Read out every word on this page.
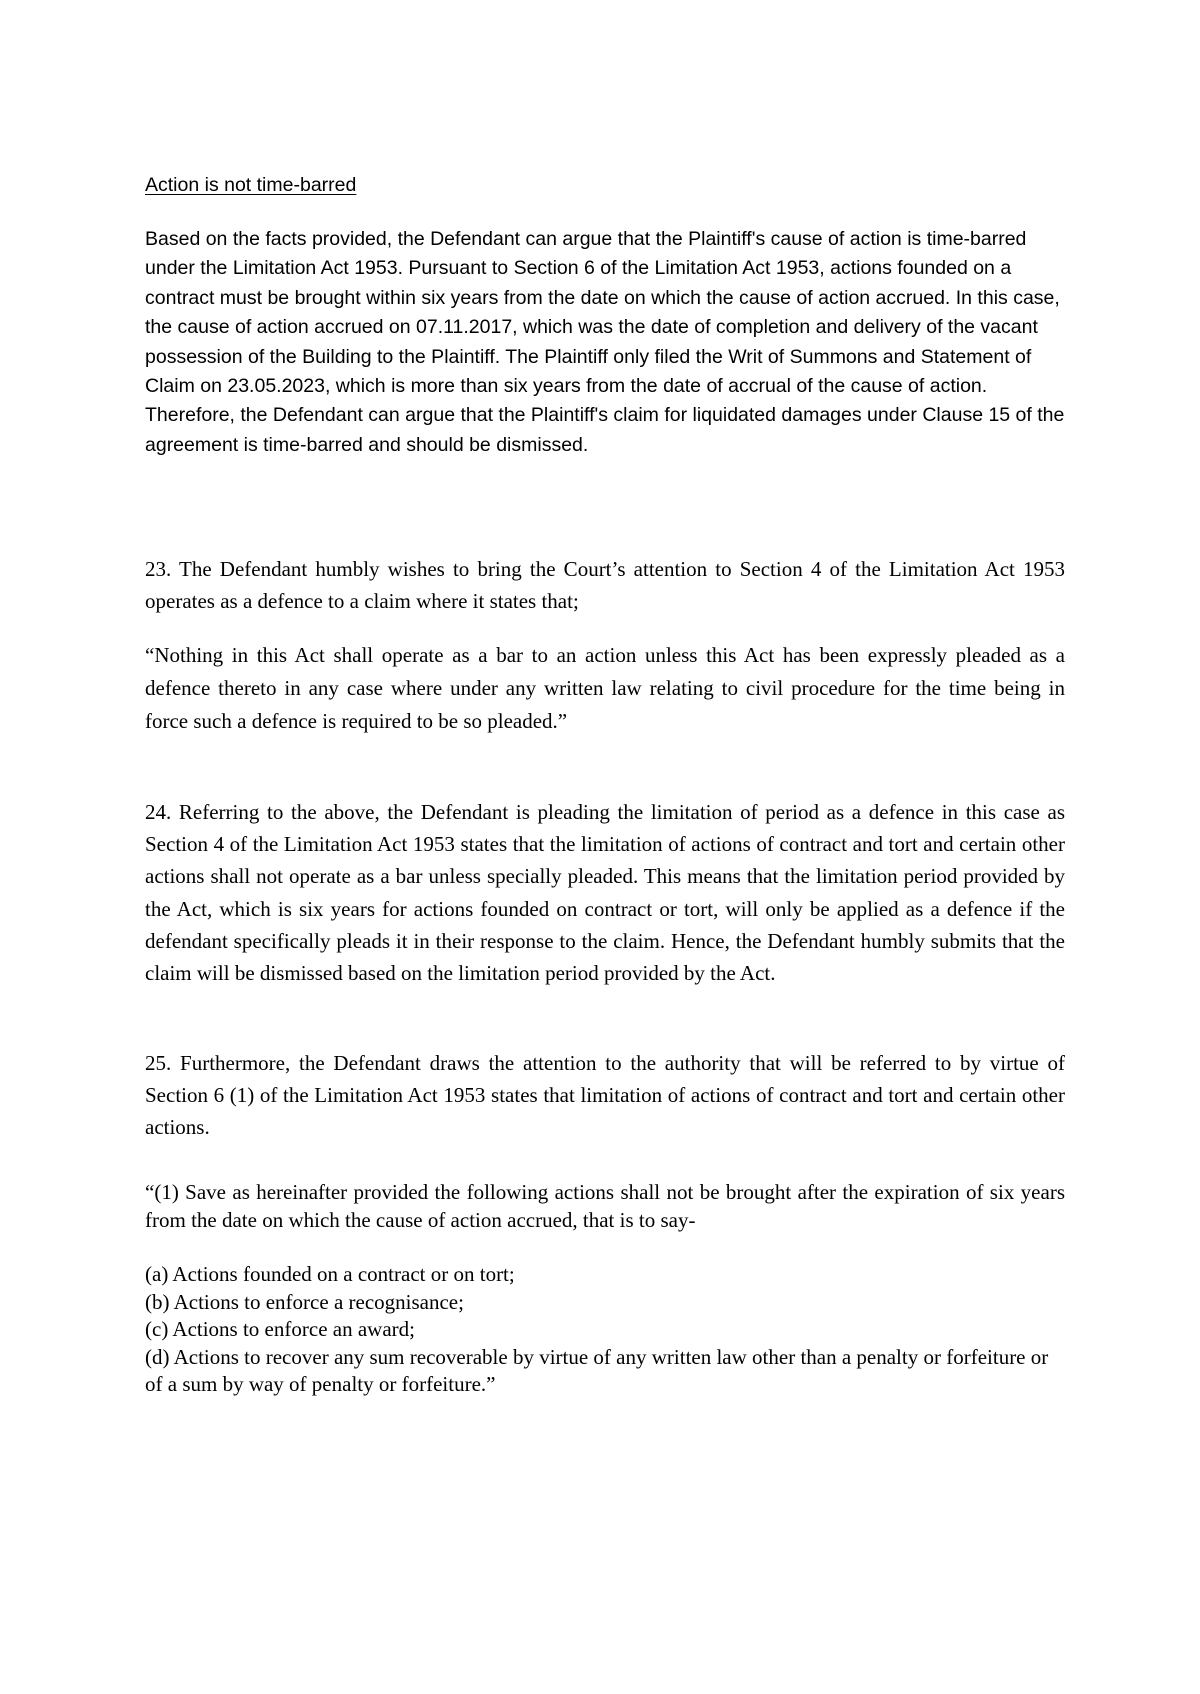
Action is not time-barred
Based on the facts provided, the Defendant can argue that the Plaintiff's cause of action is time-barred under the Limitation Act 1953. Pursuant to Section 6 of the Limitation Act 1953, actions founded on a contract must be brought within six years from the date on which the cause of action accrued. In this case, the cause of action accrued on 07.11.2017, which was the date of completion and delivery of the vacant possession of the Building to the Plaintiff. The Plaintiff only filed the Writ of Summons and Statement of Claim on 23.05.2023, which is more than six years from the date of accrual of the cause of action. Therefore, the Defendant can argue that the Plaintiff's claim for liquidated damages under Clause 15 of the agreement is time-barred and should be dismissed.
23. The Defendant humbly wishes to bring the Court’s attention to Section 4 of the Limitation Act 1953 operates as a defence to a claim where it states that;
“Nothing in this Act shall operate as a bar to an action unless this Act has been expressly pleaded as a defence thereto in any case where under any written law relating to civil procedure for the time being in force such a defence is required to be so pleaded.”
24. Referring to the above, the Defendant is pleading the limitation of period as a defence in this case as Section 4 of the Limitation Act 1953 states that the limitation of actions of contract and tort and certain other actions shall not operate as a bar unless specially pleaded. This means that the limitation period provided by the Act, which is six years for actions founded on contract or tort, will only be applied as a defence if the defendant specifically pleads it in their response to the claim. Hence, the Defendant humbly submits that the claim will be dismissed based on the limitation period provided by the Act.
25. Furthermore, the Defendant draws the attention to the authority that will be referred to by virtue of Section 6 (1) of the Limitation Act 1953 states that limitation of actions of contract and tort and certain other actions.
“(1) Save as hereinafter provided the following actions shall not be brought after the expiration of six years from the date on which the cause of action accrued, that is to say-
(a) Actions founded on a contract or on tort;
(b) Actions to enforce a recognisance;
(c) Actions to enforce an award;
(d) Actions to recover any sum recoverable by virtue of any written law other than a penalty or forfeiture or of a sum by way of penalty or forfeiture.”
